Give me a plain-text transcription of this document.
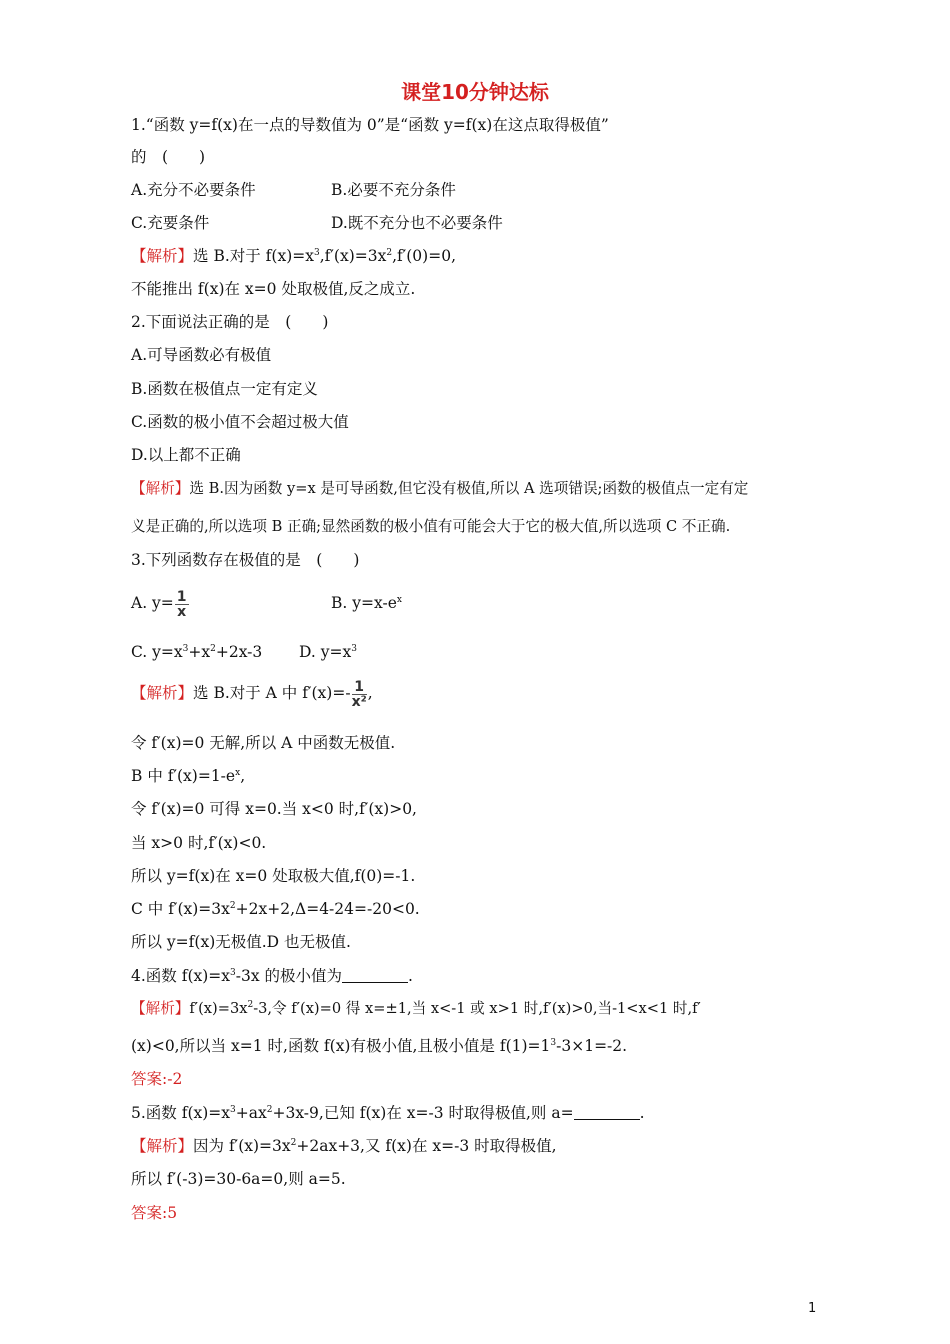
课堂10分钟达标
1.“函数 y=f(x)在一点的导数值为 0”是“函数 y=f(x)在这点取得极值”
的　(　　)
A.充分不必要条件	B.必要不充分条件
C.充要条件	D.既不充分也不必要条件
【解析】选 B.对于 $f(x)=x^3,f'(x)=3x^2,f'(0)=0$,
不能推出 f(x)在 x=0 处取极值,反之成立.
2.下面说法正确的是　(　　)
A.可导函数必有极值
B.函数在极值点一定有定义
C.函数的极小值不会超过极大值
D.以上都不正确
【解析】选 B.因为函数 y=x 是可导函数,但它没有极值,所以 A 选项错误;函数的极值点一定有定
义是正确的,所以选项 B 正确;显然函数的极小值有可能会大于它的极大值,所以选项 C 不正确.
3.下列函数存在极值的是　(　　)
A. $y= \frac{1}{x}$	B. $y=x-e^x$
C. $y=x^3+x^2+2x-3$ D. $y=x^3$
【解析】选 B.对于 A 中 $f'(x)=- \frac{1}{\text{x²}}$ ,
令 f′(x)=0 无解,所以 A 中函数无极值.
B 中 $f'(x)=1-e^x$,
令 f′(x)=0 可得 x=0.当 x<0 时,f′(x)>0,
当 x>0 时,f′(x)<0.
所以 y=f(x)在 x=0 处取极大值,f(0)=-1.
C 中 $f'(x)=3x^2+2x+2,\Delta=4-24=-20<0$.
所以 y=f(x)无极值.D 也无极值.
4.函数 $f(x)=x^3-3x$ 的极小值为	.
【解析】$f'(x)=3x^2-3$,令 f′(x)=0 得 x=±1,当 x<-1 或 x>1 时,f′(x)>0,当-1<x<1 时,f′
(x)<0,所以当 x=1 时,函数 f(x)有极小值,且极小值是 $f(1)=1^3-3\times 1=-2$.
答案:-2
5.函数 $f(x)=x^3+ax^2+3x-9$,已知 f(x)在 x=-3 时取得极值,则 a=	.
【解析】因为 $f'(x)=3x^2+2ax+3$,又 f(x)在 x=-3 时取得极值,
所以 f′(-3)=30-6a=0,则 a=5.
答案:5
1
